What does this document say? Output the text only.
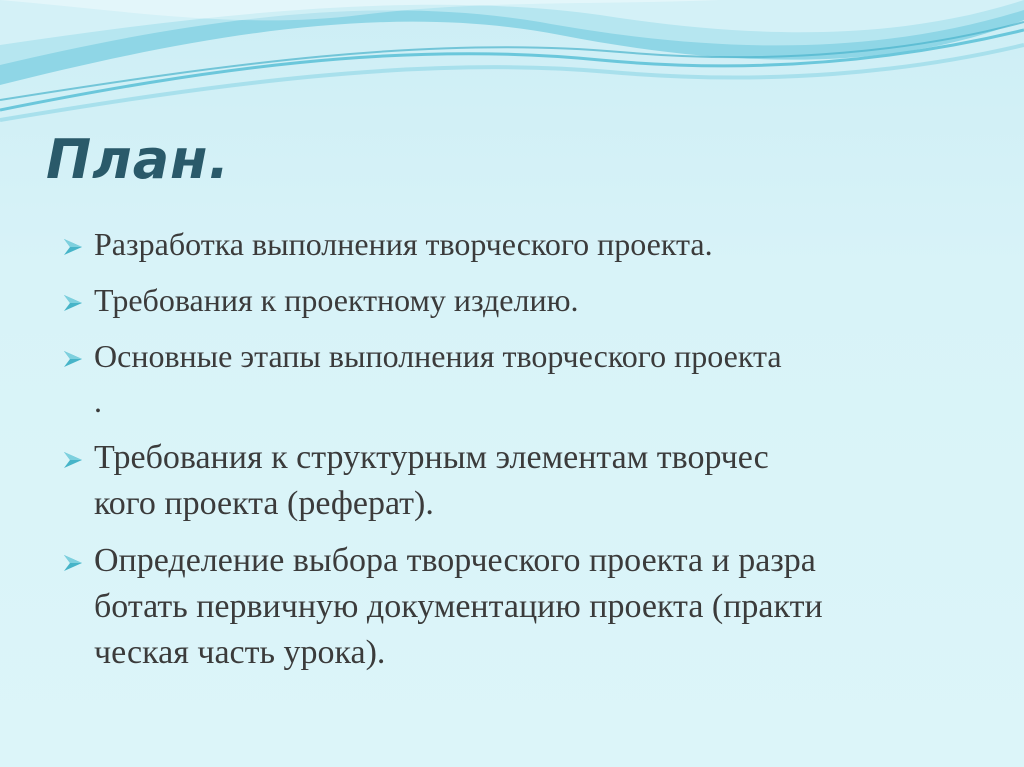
План.
Разработка выполнения творческого проекта.
Требования к проектному изделию.
Основные этапы выполнения творческого проекта
.
Требования к структурным элементам творчес
кого проекта (реферат).
Определение выбора творческого проекта и разра
ботать первичную документацию проекта (практи
ческая часть урока).
